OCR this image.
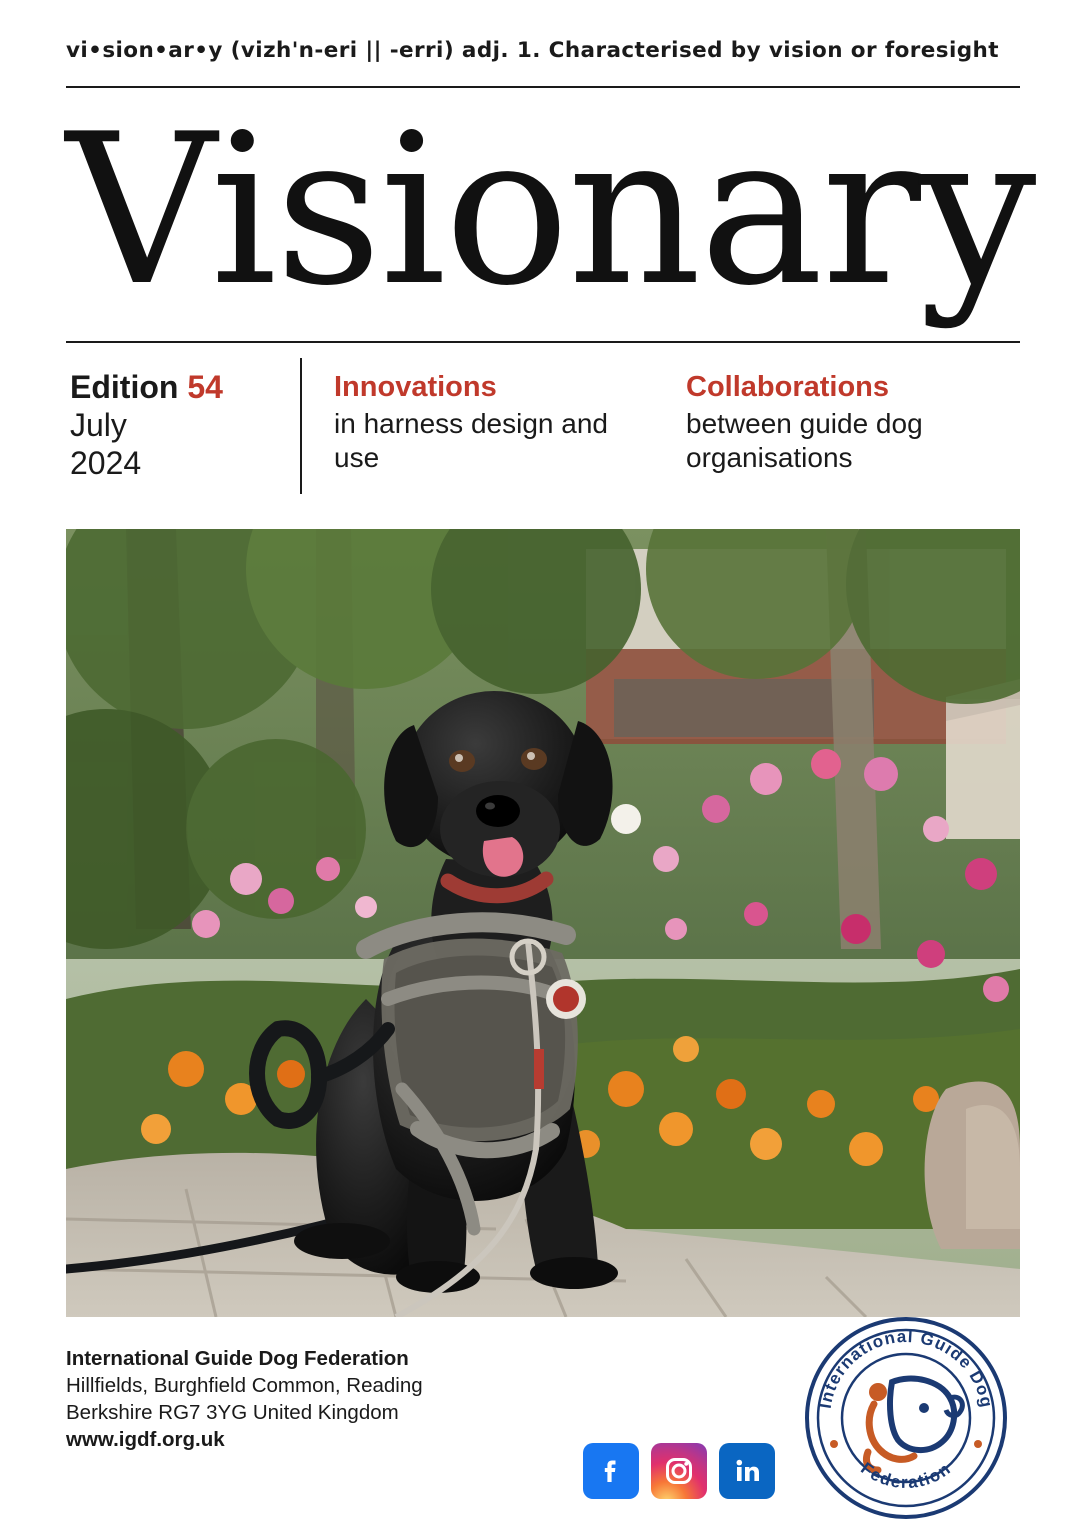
vi•sion•ar•y (vizh'n-eri || -erri) adj. 1. Characterised by vision or foresight
Visionary
Edition 54
July
2024
Innovations
in harness design and use
Collaborations
between guide dog organisations
International Guide Dog Federation
Hillfields, Burghfield Common, Reading
Berkshire RG7 3YG United Kingdom
www.igdf.org.uk
International Guide Dog
Federation
